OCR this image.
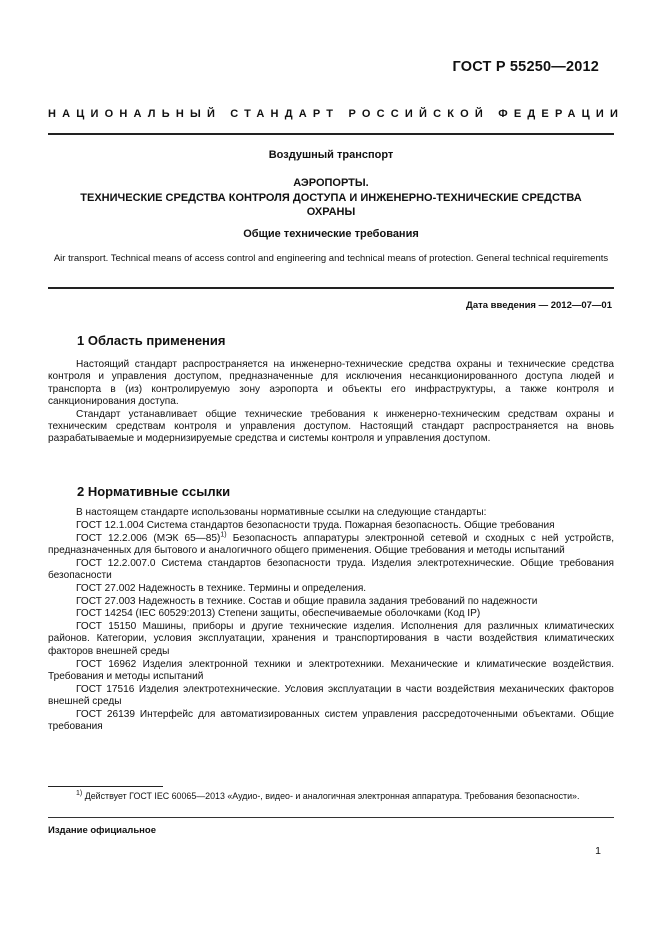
ГОСТ Р 55250—2012
НАЦИОНАЛЬНЫЙ СТАНДАРТ РОССИЙСКОЙ ФЕДЕРАЦИИ
Воздушный транспорт
АЭРОПОРТЫ.
ТЕХНИЧЕСКИЕ СРЕДСТВА КОНТРОЛЯ ДОСТУПА И ИНЖЕНЕРНО-ТЕХНИЧЕСКИЕ СРЕДСТВА
ОХРАНЫ
Общие технические требования
Air transport. Technical means of access control and engineering and technical means of protection. General technical requirements
Дата введения — 2012—07—01
1 Область применения

Настоящий стандарт распространяется на инженерно-технические средства охраны и технические средства контроля и управления доступом, предназначенные для исключения несанкционированного доступа людей и транспорта в (из) контролируемую зону аэропорта и объекты его инфраструктуры, а также контроля и санкционирования доступа.

Стандарт устанавливает общие технические требования к инженерно-техническим средствам охраны и техническим средствам контроля и управления доступом. Настоящий стандарт распространяется на вновь разрабатываемые и модернизируемые средства и системы контроля и управления доступом.

2 Нормативные ссылки

В настоящем стандарте использованы нормативные ссылки на следующие стандарты:

ГОСТ 12.1.004 Система стандартов безопасности труда. Пожарная безопасность. Общие требования

ГОСТ 12.2.006 (МЭК 65—85)$^{1)}$ Безопасность аппаратуры электронной сетевой и сходных с ней устройств, предназначенных для бытового и аналогичного общего применения. Общие требования и методы испытаний

ГОСТ 12.2.007.0 Система стандартов безопасности труда. Изделия электротехнические. Общие требования безопасности

ГОСТ 27.002 Надежность в технике. Термины и определения.

ГОСТ 27.003 Надежность в технике. Состав и общие правила задания требований по надежности

ГОСТ 14254 (IEC 60529:2013) Степени защиты, обеспечиваемые оболочками (Код IP)

ГОСТ 15150 Машины, приборы и другие технические изделия. Исполнения для различных климатических районов. Категории, условия эксплуатации, хранения и транспортирования в части воздействия климатических факторов внешней среды

ГОСТ 16962 Изделия электронной техники и электротехники. Механические и климатические воздействия. Требования и методы испытаний

ГОСТ 17516 Изделия электротехнические. Условия эксплуатации в части воздействия механических факторов внешней среды

ГОСТ 26139 Интерфейс для автоматизированных систем управления рассредоточенными объектами. Общие требования

$^{1)}$ Действует ГОСТ IEC 60065—2013 «Аудио-, видео- и аналогичная электронная аппаратура. Требования безопасности».

Издание официальное
1
